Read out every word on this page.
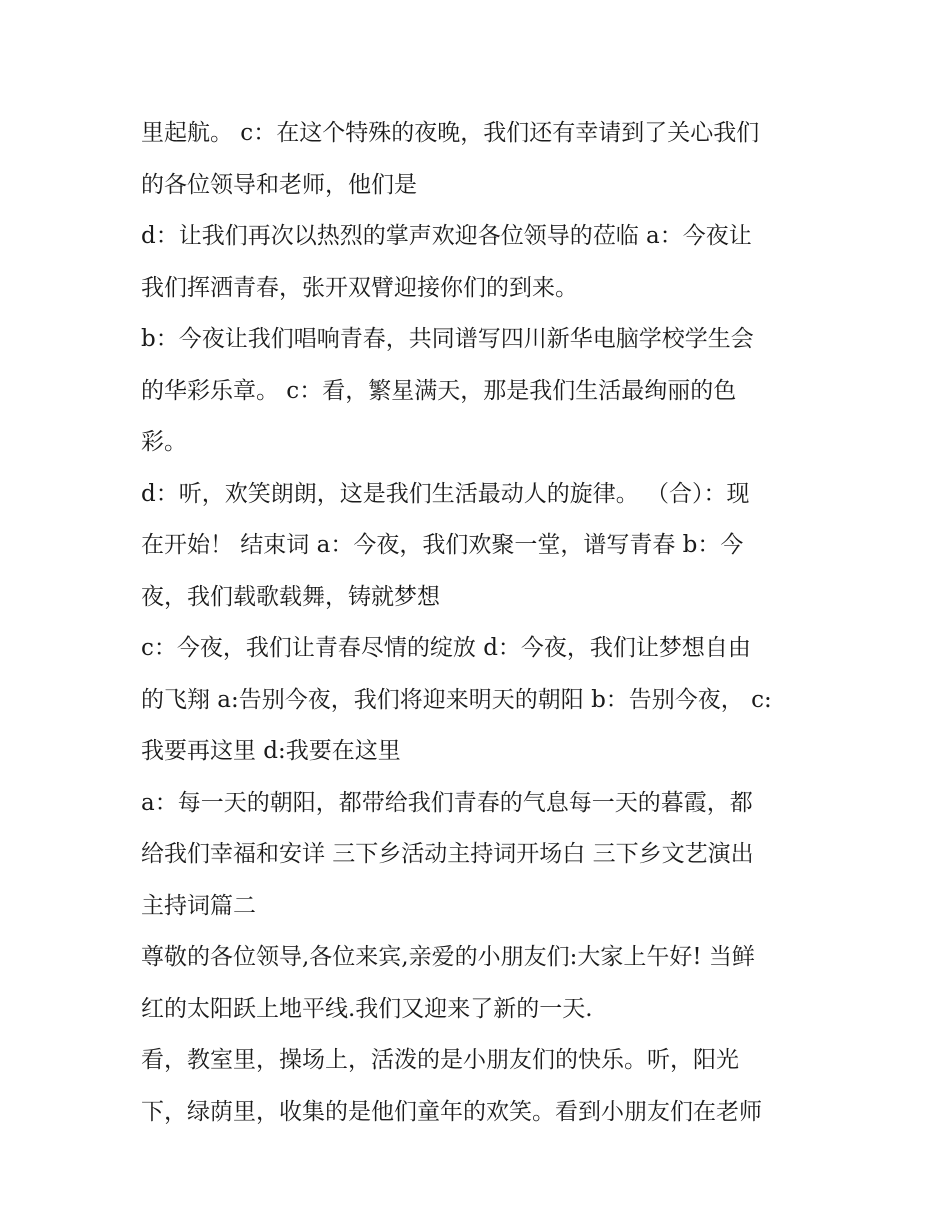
里起航。 c：在这个特殊的夜晚，我们还有幸请到了关心我们
的各位领导和老师，他们是
d：让我们再次以热烈的掌声欢迎各位领导的莅临 a：今夜让
我们挥洒青春，张开双臂迎接你们的到来。
b：今夜让我们唱响青春，共同谱写四川新华电脑学校学生会
的华彩乐章。 c：看，繁星满天，那是我们生活最绚丽的色
彩。
d：听，欢笑朗朗，这是我们生活最动人的旋律。 （合）：现
在开始！ 结束词 a：今夜，我们欢聚一堂，谱写青春 b：今
夜，我们载歌载舞，铸就梦想
c：今夜，我们让青春尽情的绽放 d：今夜，我们让梦想自由
的飞翔 a:告别今夜，我们将迎来明天的朝阳 b：告别今夜， c:
我要再这里 d:我要在这里
a：每一天的朝阳，都带给我们青春的气息每一天的暮霞，都
给我们幸福和安详 三下乡活动主持词开场白 三下乡文艺演出
主持词篇二
尊敬的各位领导,各位来宾,亲爱的小朋友们:大家上午好! 当鲜
红的太阳跃上地平线.我们又迎来了新的一天.
看，教室里，操场上，活泼的是小朋友们的快乐。听，阳光
下，绿荫里，收集的是他们童年的欢笑。看到小朋友们在老师
